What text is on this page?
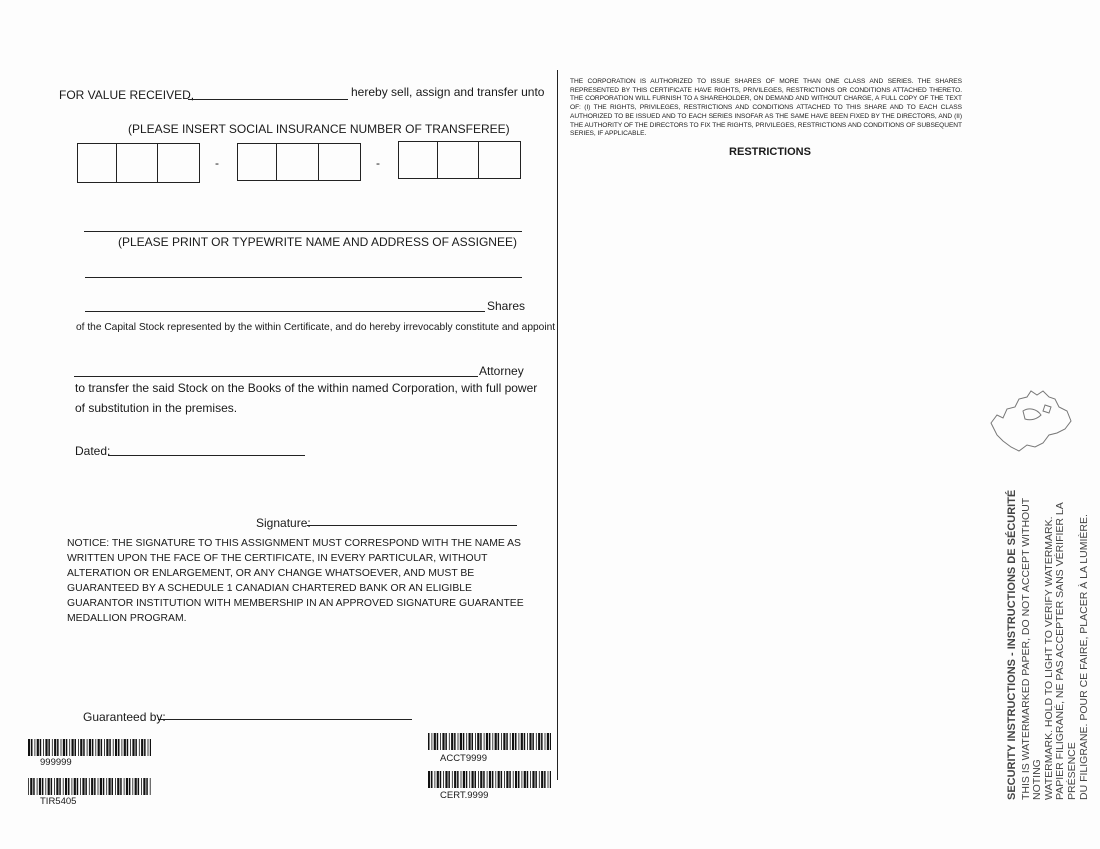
FOR VALUE RECEIVED,	hereby sell, assign and transfer unto
(PLEASE INSERT SOCIAL INSURANCE NUMBER OF TRANSFEREE)
-	-
(PLEASE PRINT OR TYPEWRITE NAME AND ADDRESS OF ASSIGNEE)
Shares
of the Capital Stock represented by the within Certificate, and do hereby irrevocably constitute and appoint
Attorney
to transfer the said Stock on the Books of the within named Corporation, with full power
of substitution in the premises.
Dated:
Signature:
NOTICE: THE SIGNATURE TO THIS ASSIGNMENT MUST CORRESPOND WITH THE NAME AS WRITTEN UPON THE FACE OF THE CERTIFICATE, IN EVERY PARTICULAR, WITHOUT ALTERATION OR ENLARGEMENT, OR ANY CHANGE WHATSOEVER, AND MUST BE GUARANTEED BY A SCHEDULE 1 CANADIAN CHARTERED BANK OR AN ELIGIBLE GUARANTOR INSTITUTION WITH MEMBERSHIP IN AN APPROVED SIGNATURE GUARANTEE MEDALLION PROGRAM.
Guaranteed by:
999999
TIR5405
ACCT9999
CERT.9999
THE CORPORATION IS AUTHORIZED TO ISSUE SHARES OF MORE THAN ONE CLASS AND SERIES. THE SHARES REPRESENTED BY THIS CERTIFICATE HAVE RIGHTS, PRIVILEGES, RESTRICTIONS OR CONDITIONS ATTACHED THERETO. THE CORPORATION WILL FURNISH TO A SHAREHOLDER, ON DEMAND AND WITHOUT CHARGE, A FULL COPY OF THE TEXT OF: (I) THE RIGHTS, PRIVILEGES, RESTRICTIONS AND CONDITIONS ATTACHED TO THIS SHARE AND TO EACH CLASS AUTHORIZED TO BE ISSUED AND TO EACH SERIES INSOFAR AS THE SAME HAVE BEEN FIXED BY THE DIRECTORS, AND (II) THE AUTHORITY OF THE DIRECTORS TO FIX THE RIGHTS, PRIVILEGES, RESTRICTIONS AND CONDITIONS OF SUBSEQUENT SERIES, IF APPLICABLE.
RESTRICTIONS
SECURITY INSTRUCTIONS - INSTRUCTIONS DE SÉCURITÉ THIS IS WATERMARKED PAPER, DO NOT ACCEPT WITHOUT NOTING WATERMARK. HOLD TO LIGHT TO VERIFY WATERMARK. PAPIER FILIGRANÉ, NE PAS ACCEPTER SANS VÉRIFIER LA PRÉSENCE DU FILIGRANE. POUR CE FAIRE, PLACER À LA LUMIÈRE.
